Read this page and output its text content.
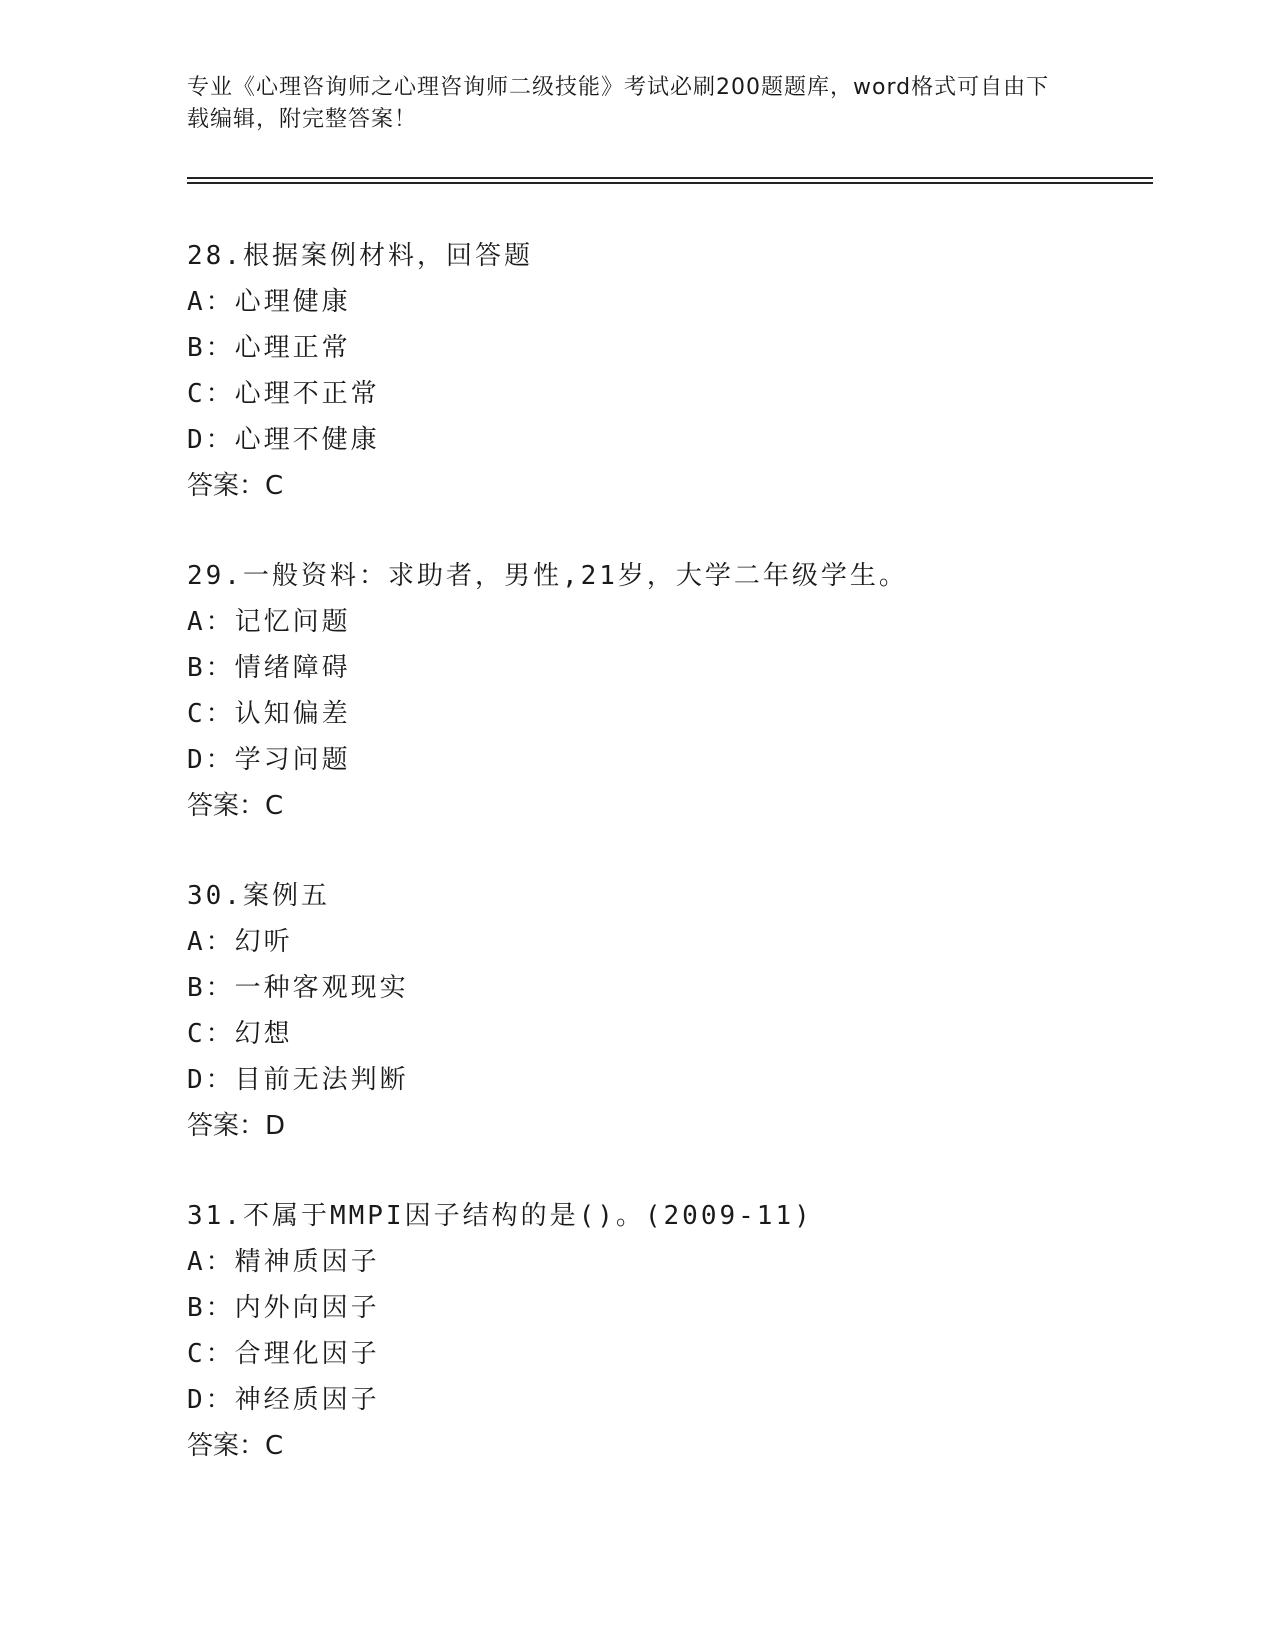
专业《心理咨询师之心理咨询师二级技能》考试必刷200题题库，word格式可自由下载编辑，附完整答案！
28.根据案例材料，回答题
A：心理健康
B：心理正常
C：心理不正常
D：心理不健康
答案：C
29.一般资料：求助者，男性,21岁，大学二年级学生。
A：记忆问题
B：情绪障碍
C：认知偏差
D：学习问题
答案：C
30.案例五
A：幻听
B：一种客观现实
C：幻想
D：目前无法判断
答案：D
31.不属于MMPI因子结构的是()。(2009-11)
A：精神质因子
B：内外向因子
C：合理化因子
D：神经质因子
答案：C
